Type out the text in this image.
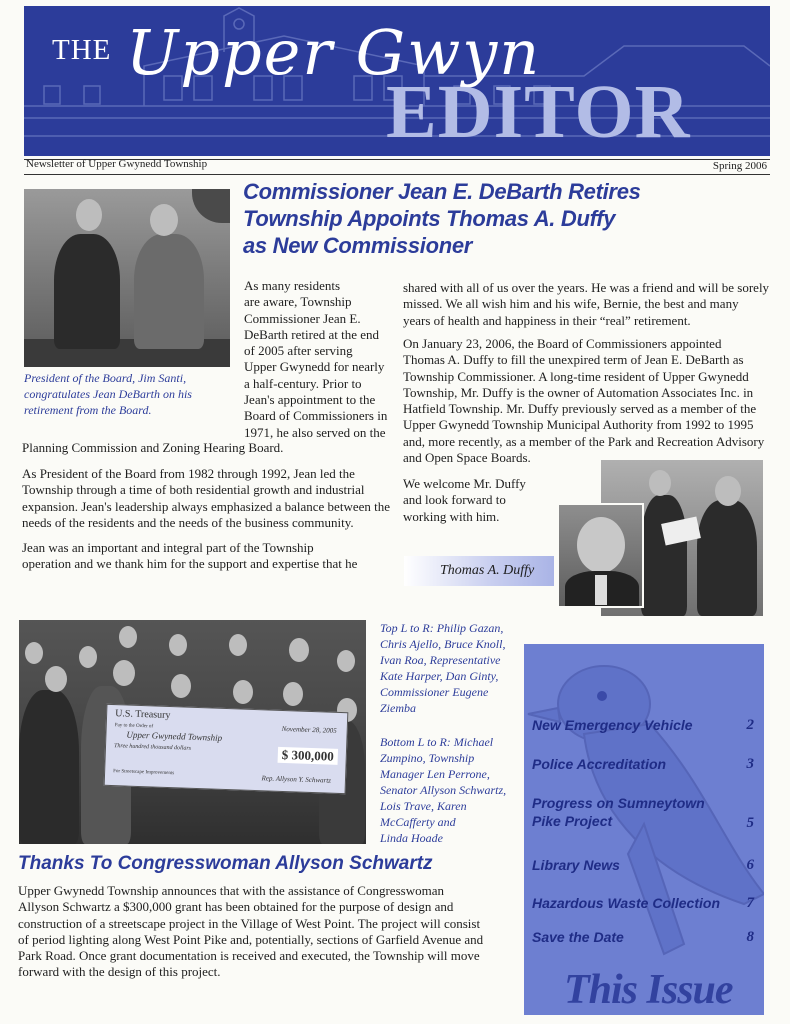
THE Upper Gwyn
EDITOR
Newsletter of Upper Gwynedd Township	Spring 2006
President of the Board, Jim Santi, congratulates Jean DeBarth on his retirement from the Board.
Commissioner Jean E. DeBarth Retires
Township Appoints Thomas A. Duffy
as New Commissioner
As many residents
are aware, Township
Commissioner Jean E.
DeBarth retired at the end
of 2005 after serving
Upper Gwynedd for nearly
a half-century. Prior to
Jean's appointment to the
Board of Commissioners in
1971, he also served on the
Planning Commission and Zoning Hearing Board.
As President of the Board from 1982 through 1992, Jean led the
Township through a time of both residential growth and industrial
expansion. Jean's leadership always emphasized a balance between the
needs of the residents and the needs of the business community.
Jean was an important and integral part of the Township
operation and we thank him for the support and expertise that he
shared with all of us over the years. He was a friend and will be sorely
missed. We all wish him and his wife, Bernie, the best and many
years of health and happiness in their “real” retirement.
On January 23, 2006, the Board of Commissioners appointed
Thomas A. Duffy to fill the unexpired term of Jean E. DeBarth as
Township Commissioner. A long-time resident of Upper Gwynedd
Township, Mr. Duffy is the owner of Automation Associates Inc. in
Hatfield Township. Mr. Duffy previously served as a member of the
Upper Gwynedd Township Municipal Authority from 1992 to 1995
and, more recently, as a member of the Park and Recreation Advisory
and Open Space Boards.
We welcome Mr. Duffy
and look forward to
working with him.
Thomas A. Duffy
U.S. Treasury
November 28, 2005
Pay to the Order of
Upper Gwynedd Township
Three hundred thousand dollars	$ 300,000
For Streetscape Improvements
Rep. Allyson Y. Schwartz
Top L to R: Philip Gazan,
Chris Ajello, Bruce Knoll,
Ivan Roa, Representative
Kate Harper, Dan Ginty,
Commissioner Eugene
Ziemba
Bottom L to R: Michael
Zumpino, Township
Manager Len Perrone,
Senator Allyson Schwartz,
Lois Trave, Karen
McCafferty and
Linda Hoade
Thanks To Congresswoman Allyson Schwartz
Upper Gwynedd Township announces that with the assistance of Congresswoman
Allyson Schwartz a $300,000 grant has been obtained for the purpose of design and
construction of a streetscape project in the Village of West Point. The project will consist
of period lighting along West Point Pike and, potentially, sections of Garfield Avenue and
Park Road. Once grant documentation is received and executed, the Township will move
forward with the design of this project.
New Emergency Vehicle	2
Police Accreditation	3
Progress on Sumneytown Pike Project	5
Library News	6
Hazardous Waste Collection 7
Save the Date	8
This Issue
